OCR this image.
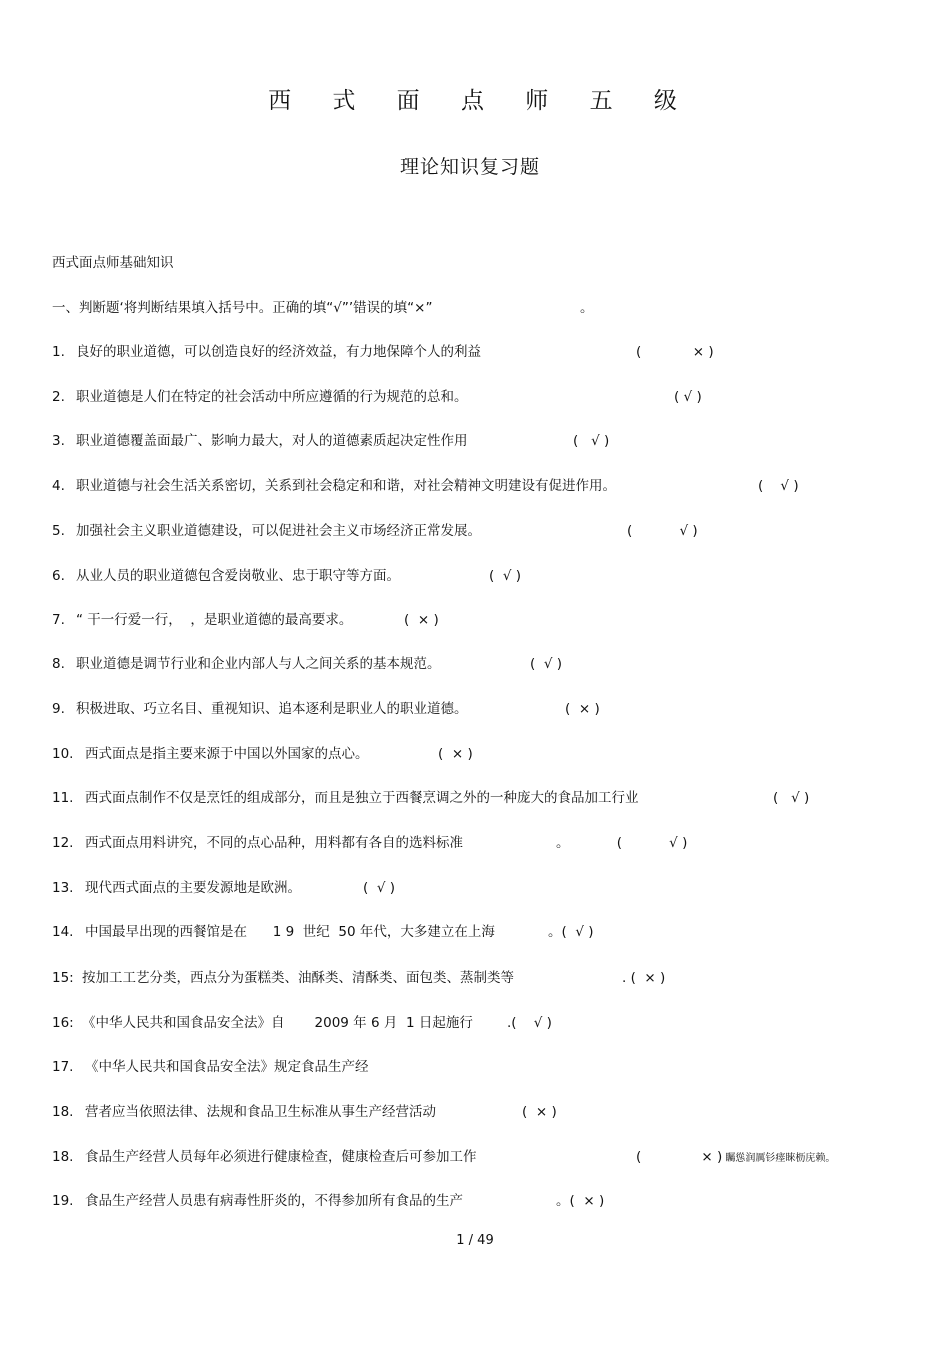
西 式 面 点 师 五 级
理论知识复习题
西式面点师基础知识
一、判断题‘将判断结果填入括号中。正确的填“√”’错误的填“×”	。
1. 良好的职业道德，可以创造良好的经济效益，有力地保障个人的利益	(            × )
2. 职业道德是人们在特定的社会活动中所应遵循的行为规范的总和。	( √ )
3. 职业道德覆盖面最广、影响力最大，对人的道德素质起决定性作用	(   √ )
4. 职业道德与社会生活关系密切，关系到社会稳定和和谐，对社会精神文明建设有促进作用。	(    √ )
5. 加强社会主义职业道德建设，可以促进社会主义市场经济正常发展。	(           √ )
6. 从业人员的职业道德包含爱岗敬业、忠于职守等方面。	(  √ )
7. “ 干一行爱一行，  ，是职业道德的最高要求。	(  × )
8. 职业道德是调节行业和企业内部人与人之间关系的基本规范。	(  √ )
9. 积极进取、巧立名目、重视知识、追本逐利是职业人的职业道德。	(  × )
10. 西式面点是指主要来源于中国以外国家的点心。	(  × )
11. 西式面点制作不仅是烹饪的组成部分，而且是独立于西餐烹调之外的一种庞大的食品加工行业	(   √ )
12. 西式面点用料讲究，不同的点心品种，用料都有各自的选料标准	。           (           √ )
13. 现代西式面点的主要发源地是欧洲。	(  √ )
14. 中国最早出现的西餐馆是在      1 9  世纪  50 年代，大多建立在上海	。(  √ )
15: 按加工工艺分类，西点分为蛋糕类、油酥类、清酥类、面包类、蒸制类等	. (  × )
16: 《中华人民共和国食品安全法》自       2009 年 6 月  1 日起施行	.(    √ )
17. 《中华人民共和国食品安全法》规定食品生产经
18. 营者应当依照法律、法规和食品卫生标准从事生产经营活动	(  × )
18. 食品生产经营人员每年必须进行健康检查，健康检查后可参加工作	(              × ) 矚慫润厲钐瘗睞枥庑赖。
19. 食品生产经营人员患有病毒性肝炎的，不得参加所有食品的生产	。(  × )
1 / 49
